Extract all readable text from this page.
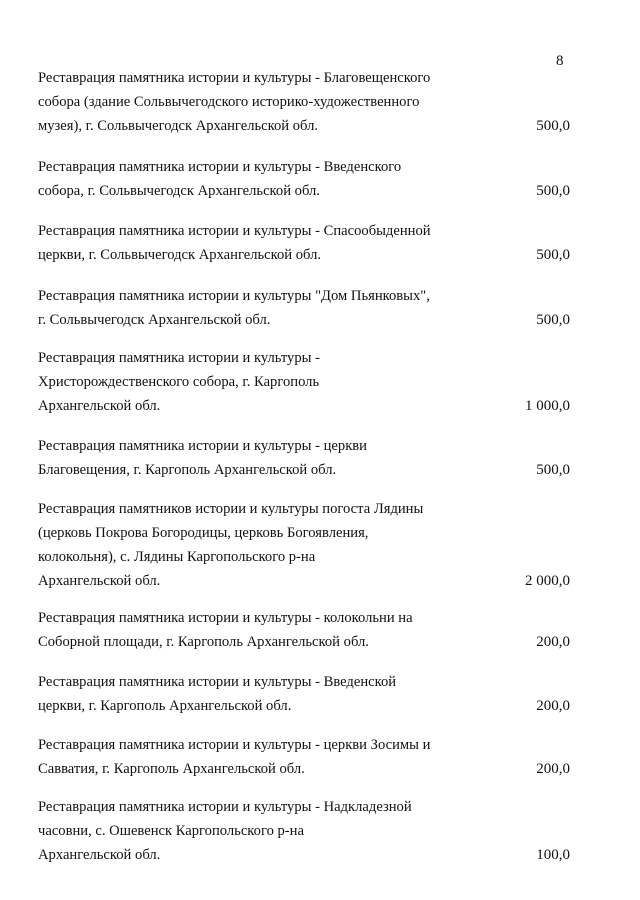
8
Реставрация памятника истории и культуры - Благовещенского
собора (здание Сольвычегодского историко-художественного
музея), г. Сольвычегодск Архангельской обл.	500,0
Реставрация памятника истории и культуры - Введенского
собора, г. Сольвычегодск Архангельской обл.	500,0
Реставрация памятника истории и культуры - Спасообыденной
церкви, г. Сольвычегодск Архангельской обл.	500,0
Реставрация памятника истории и культуры "Дом Пьянковых",
г. Сольвычегодск Архангельской обл.	500,0
Реставрация памятника истории и культуры -
Христорождественского собора, г. Каргополь
Архангельской обл.	1 000,0
Реставрация памятника истории и культуры - церкви
Благовещения, г. Каргополь Архангельской обл.	500,0
Реставрация памятников истории и культуры погоста Лядины
(церковь Покрова Богородицы, церковь Богоявления,
колокольня), с. Лядины Каргопольского р-на
Архангельской обл.	2 000,0
Реставрация памятника истории и культуры - колокольни на
Соборной площади, г. Каргополь Архангельской обл.	200,0
Реставрация памятника истории и культуры - Введенской
церкви, г. Каргополь Архангельской обл.	200,0
Реставрация памятника истории и культуры - церкви Зосимы и
Савватия, г. Каргополь Архангельской обл.	200,0
Реставрация памятника истории и культуры - Надкладезной
часовни, с. Ошевенск Каргопольского р-на
Архангельской обл.	100,0
